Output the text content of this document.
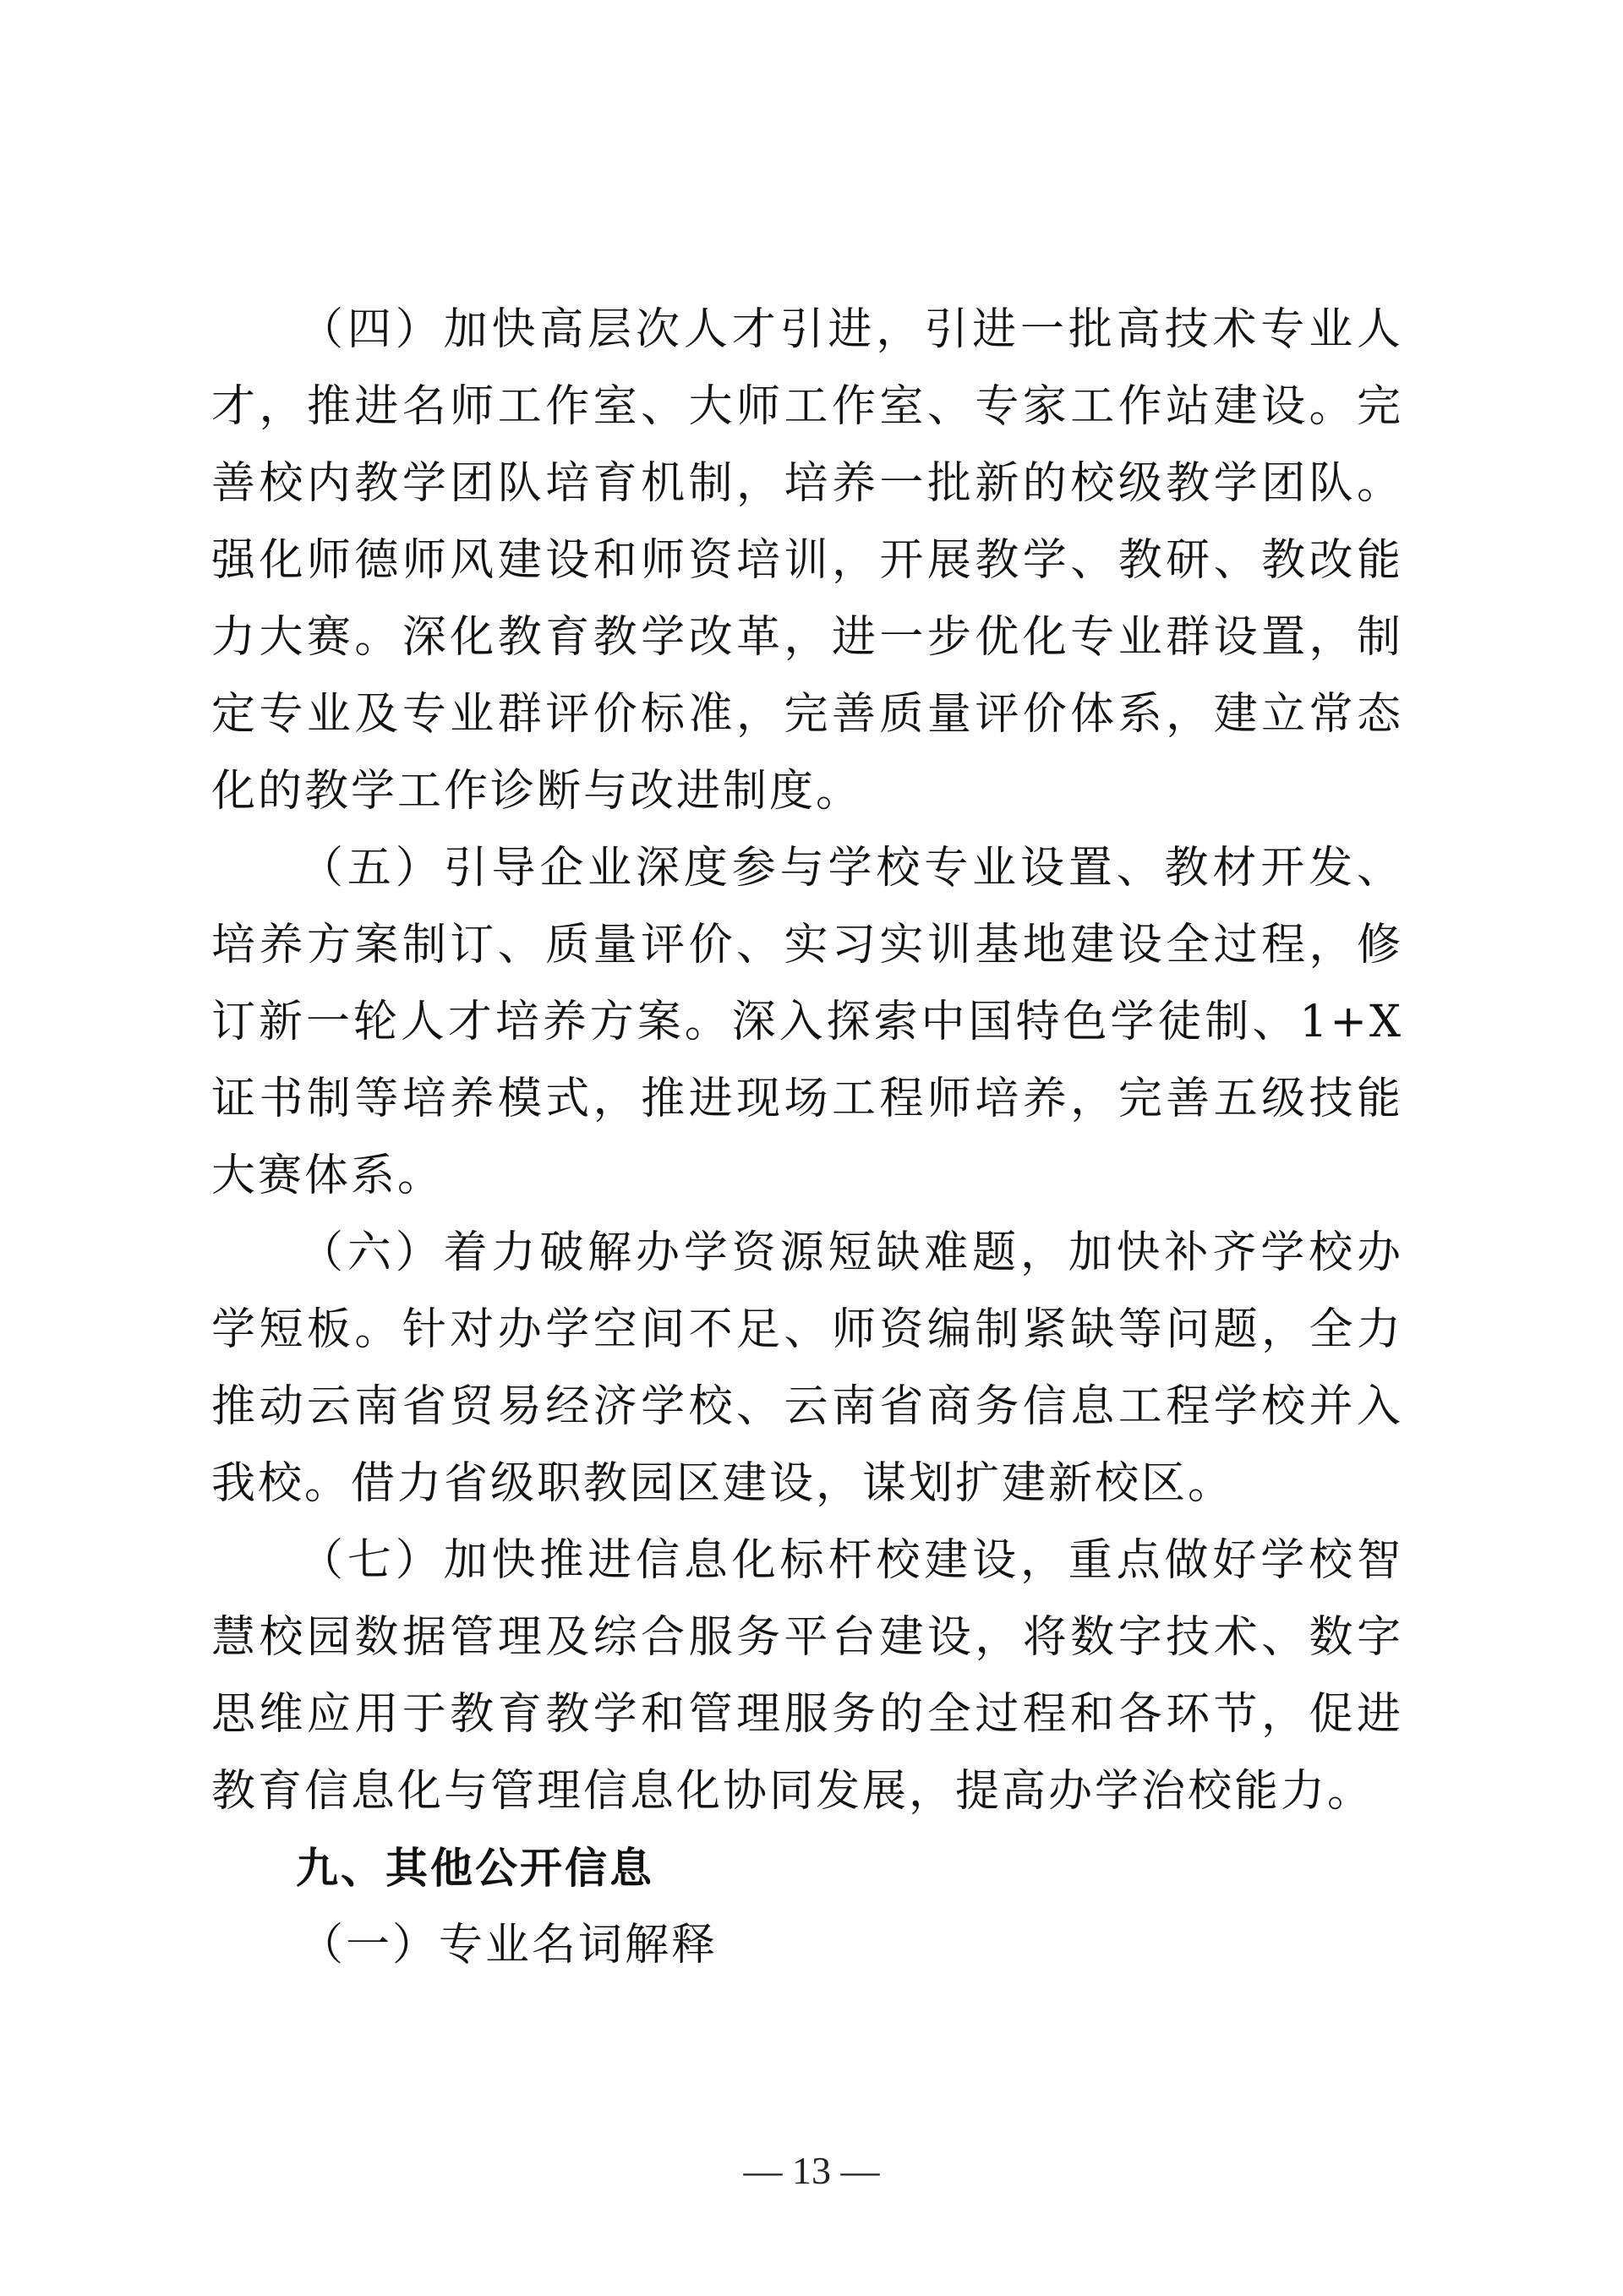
（四）加快高层次人才引进，引进一批高技术专业人才，推进名师工作室、大师工作室、专家工作站建设。完善校内教学团队培育机制，培养一批新的校级教学团队。强化师德师风建设和师资培训，开展教学、教研、教改能力大赛。深化教育教学改革，进一步优化专业群设置，制定专业及专业群评价标准，完善质量评价体系，建立常态化的教学工作诊断与改进制度。

（五）引导企业深度参与学校专业设置、教材开发、培养方案制订、质量评价、实习实训基地建设全过程，修订新一轮人才培养方案。深入探索中国特色学徒制、1+X证书制等培养模式，推进现场工程师培养，完善五级技能大赛体系。

（六）着力破解办学资源短缺难题，加快补齐学校办学短板。针对办学空间不足、师资编制紧缺等问题，全力推动云南省贸易经济学校、云南省商务信息工程学校并入我校。借力省级职教园区建设，谋划扩建新校区。

（七）加快推进信息化标杆校建设，重点做好学校智慧校园数据管理及综合服务平台建设，将数字技术、数字思维应用于教育教学和管理服务的全过程和各环节，促进教育信息化与管理信息化协同发展，提高办学治校能力。

九、其他公开信息

（一）专业名词解释

— 13 —
